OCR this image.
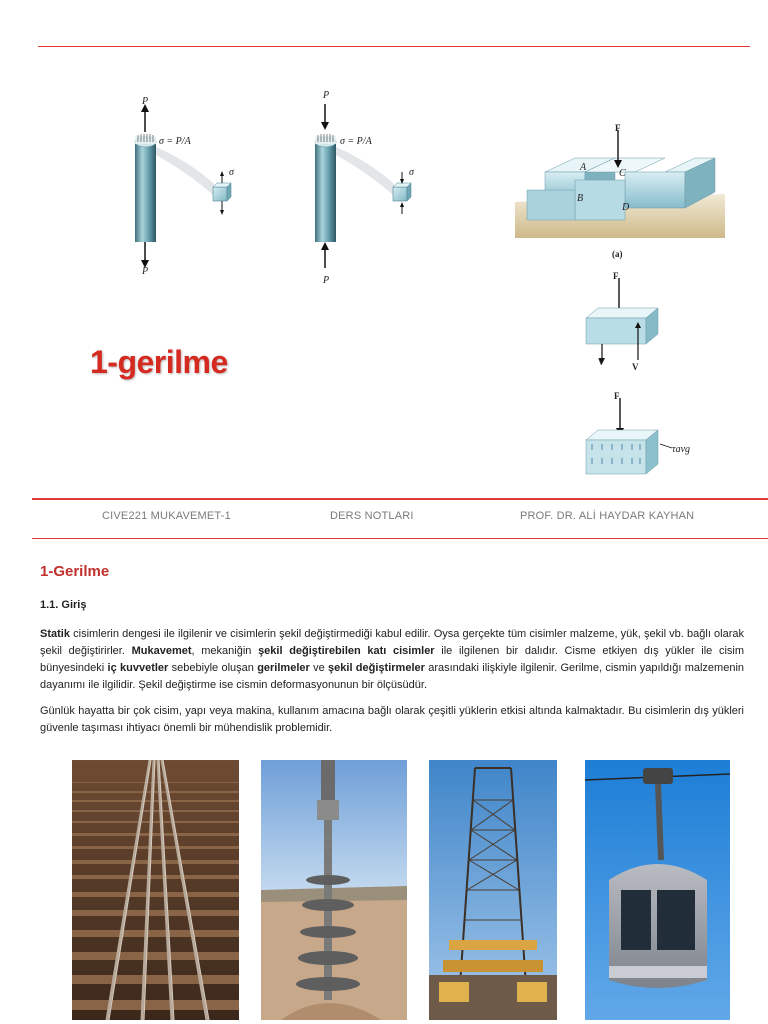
P
P
σ = P/A
σ
P
P
σ = P/A
σ
F
A
B
C
D
(a)
F
V	V
F
τavg
1-gerilme
CIVE221 MUKAVEMET-1	DERS NOTLARI	PROF. DR. ALİ HAYDAR KAYHAN
1-Gerilme
1.1. Giriş

Statik cisimlerin dengesi ile ilgilenir ve cisimlerin şekil değiştirmediği kabul edilir. Oysa gerçekte tüm cisimler malzeme, yük, şekil vb. bağlı olarak şekil değiştirirler. Mukavemet, mekaniğin şekil değiştirebilen katı cisimler ile ilgilenen bir dalıdır. Cisme etkiyen dış yükler ile cisim bünyesindeki iç kuvvetler sebebiyle oluşan gerilmeler ve şekil değiştirmeler arasındaki ilişkiyle ilgilenir. Gerilme, cismin yapıldığı malzemenin dayanımı ile ilgilidir. Şekil değiştirme ise cismin deformasyonunun bir ölçüsüdür.

Günlük hayatta bir çok cisim, yapı veya makina, kullanım amacına bağlı olarak çeşitli yüklerin etkisi altında kalmaktadır. Bu cisimlerin dış yükleri güvenle taşıması ihtiyacı önemli bir mühendislik problemidir.
